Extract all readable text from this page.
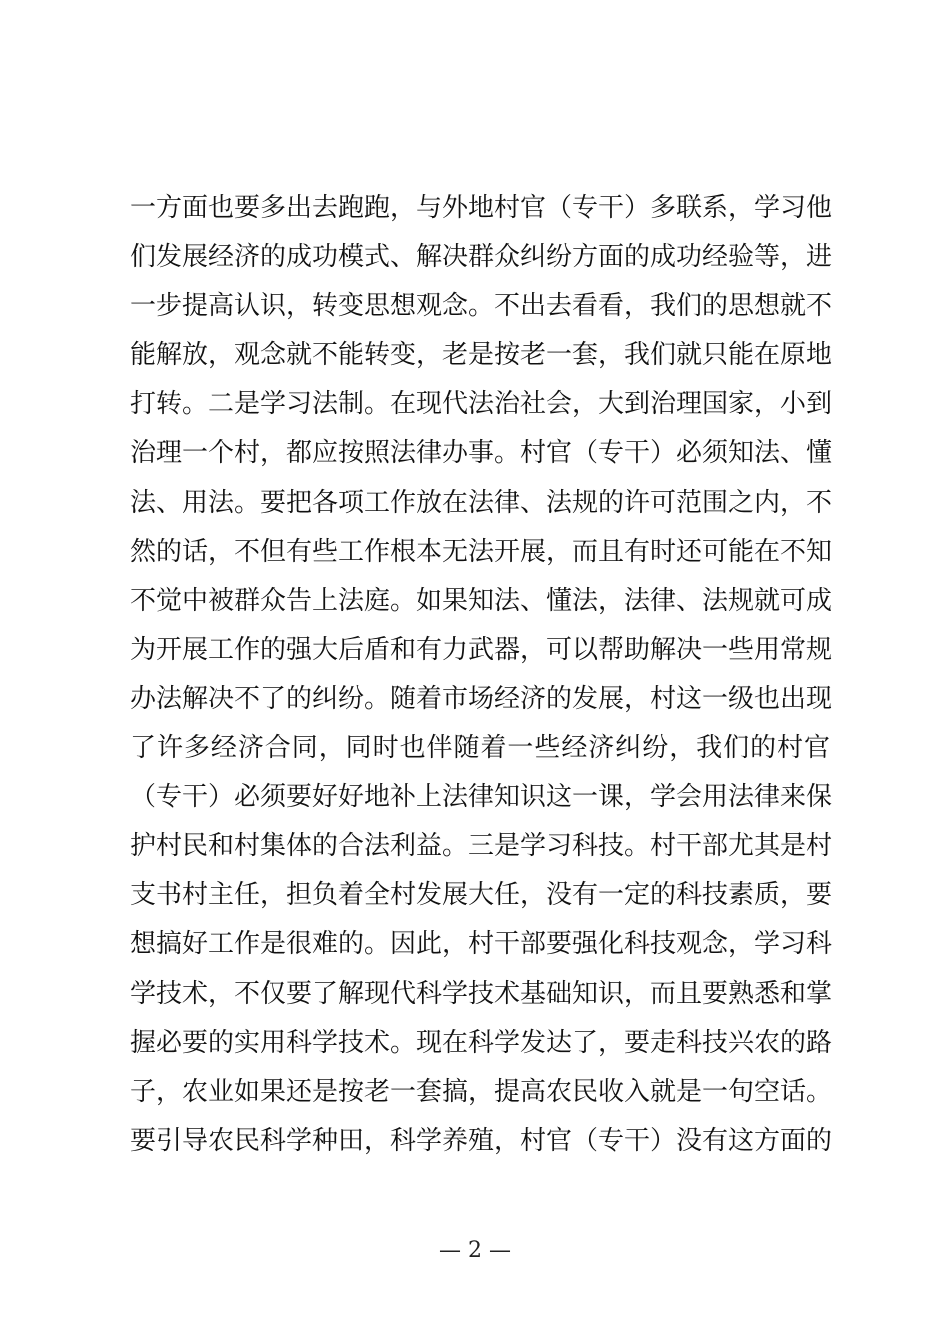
一方面也要多出去跑跑，与外地村官（专干）多联系，学习他
们发展经济的成功模式、解决群众纠纷方面的成功经验等，进
一步提高认识，转变思想观念。不出去看看，我们的思想就不
能解放，观念就不能转变，老是按老一套，我们就只能在原地
打转。二是学习法制。在现代法治社会，大到治理国家，小到
治理一个村，都应按照法律办事。村官（专干）必须知法、懂
法、用法。要把各项工作放在法律、法规的许可范围之内，不
然的话，不但有些工作根本无法开展，而且有时还可能在不知
不觉中被群众告上法庭。如果知法、懂法，法律、法规就可成
为开展工作的强大后盾和有力武器，可以帮助解决一些用常规
办法解决不了的纠纷。随着市场经济的发展，村这一级也出现
了许多经济合同，同时也伴随着一些经济纠纷，我们的村官
（专干）必须要好好地补上法律知识这一课，学会用法律来保
护村民和村集体的合法利益。三是学习科技。村干部尤其是村
支书村主任，担负着全村发展大任，没有一定的科技素质，要
想搞好工作是很难的。因此，村干部要强化科技观念，学习科
学技术，不仅要了解现代科学技术基础知识，而且要熟悉和掌
握必要的实用科学技术。现在科学发达了，要走科技兴农的路
子，农业如果还是按老一套搞，提高农民收入就是一句空话。
要引导农民科学种田，科学养殖，村官（专干）没有这方面的
— 2 —
